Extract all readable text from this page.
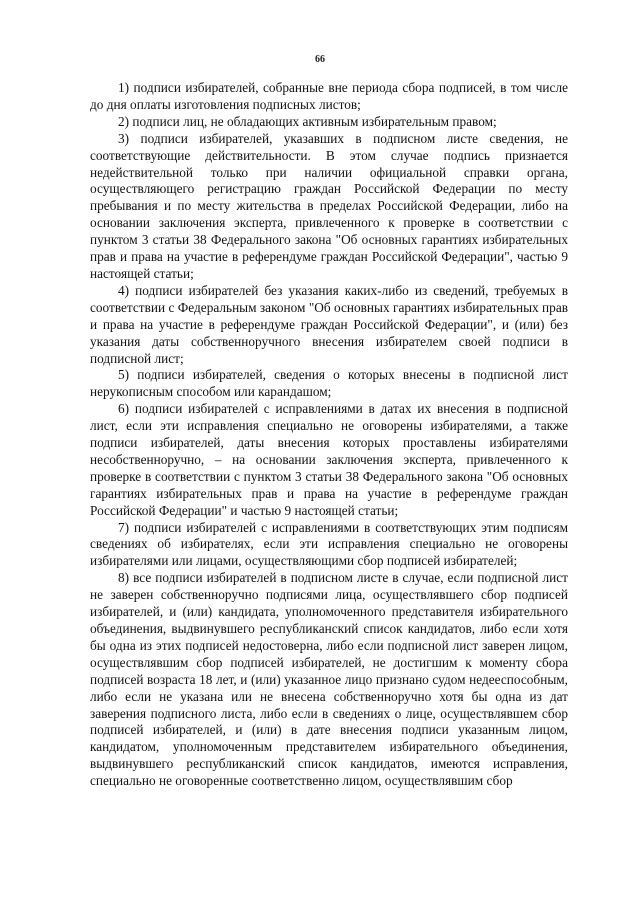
66

1) подписи избирателей, собранные вне периода сбора подписей, в том числе до дня оплаты изготовления подписных листов;

2) подписи лиц, не обладающих активным избирательным правом;

3) подписи избирателей, указавших в подписном листе сведения, не соответствующие действительности. В этом случае подпись признается недействительной только при наличии официальной справки органа, осуществляющего регистрацию граждан Российской Федерации по месту пребывания и по месту жительства в пределах Российской Федерации, либо на основании заключения эксперта, привлеченного к проверке в соответствии с пунктом 3 статьи 38 Федерального закона "Об основных гарантиях избирательных прав и права на участие в референдуме граждан Российской Федерации", частью 9 настоящей статьи;

4) подписи избирателей без указания каких-либо из сведений, требуемых в соответствии с Федеральным законом "Об основных гарантиях избирательных прав и права на участие в референдуме граждан Российской Федерации", и (или) без указания даты собственноручного внесения избирателем своей подписи в подписной лист;

5) подписи избирателей, сведения о которых внесены в подписной лист нерукописным способом или карандашом;

6) подписи избирателей с исправлениями в датах их внесения в подписной лист, если эти исправления специально не оговорены избирателями, а также подписи избирателей, даты внесения которых проставлены избирателями несобственноручно, – на основании заключения эксперта, привлеченного к проверке в соответствии с пунктом 3 статьи 38 Федерального закона "Об основных гарантиях избирательных прав и права на участие в референдуме граждан Российской Федерации" и частью 9 настоящей статьи;

7) подписи избирателей с исправлениями в соответствующих этим подписям сведениях об избирателях, если эти исправления специально не оговорены избирателями или лицами, осуществляющими сбор подписей избирателей;

8) все подписи избирателей в подписном листе в случае, если подписной лист не заверен собственноручно подписями лица, осуществлявшего сбор подписей избирателей, и (или) кандидата, уполномоченного представителя избирательного объединения, выдвинувшего республиканский список кандидатов, либо если хотя бы одна из этих подписей недостоверна, либо если подписной лист заверен лицом, осуществлявшим сбор подписей избирателей, не достигшим к моменту сбора подписей возраста 18 лет, и (или) указанное лицо признано судом недееспособным, либо если не указана или не внесена собственноручно хотя бы одна из дат заверения подписного листа, либо если в сведениях о лице, осуществлявшем сбор подписей избирателей, и (или) в дате внесения подписи указанным лицом, кандидатом, уполномоченным представителем избирательного объединения, выдвинувшего республиканский список кандидатов, имеются исправления, специально не оговоренные соответственно лицом, осуществлявшим сбор
